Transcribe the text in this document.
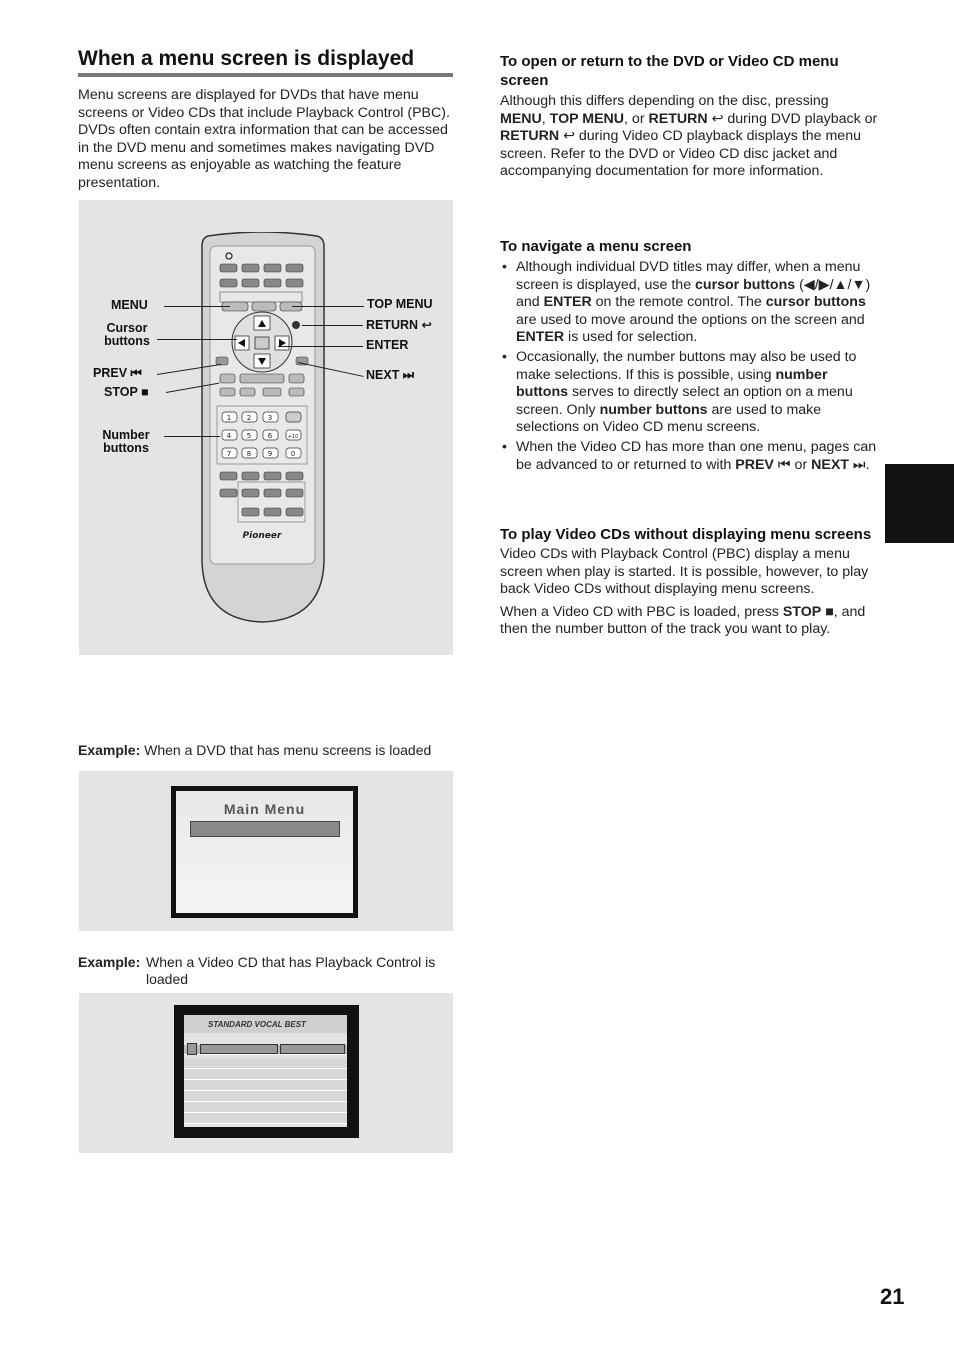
When a menu screen is displayed

Menu screens are displayed for DVDs that have menu screens or Video CDs that include Playback Control (PBC). DVDs often contain extra information that can be accessed in the DVD menu and sometimes makes navigating DVD menu screens as enjoyable as watching the feature presentation.

1 2 3
4 5 6	+10
7 8 9	0
Pioneer
MENU
Cursor buttons
PREV ⏮
STOP ■
Number buttons
TOP MENU
RETURN ↩
ENTER
NEXT ⏭
Example: When a DVD that has menu screens is loaded
Main Menu
Example: When a Video CD that has Playback Control is loaded
STANDARD VOCAL BEST
To open or return to the DVD or Video CD menu screen

Although this differs depending on the disc, pressing MENU, TOP MENU, or RETURN ↩ during DVD playback or RETURN ↩ during Video CD playback displays the menu screen. Refer to the DVD or Video CD disc jacket and accompanying documentation for more information.

To navigate a menu screen
• Although individual DVD titles may differ, when a menu screen is displayed, use the cursor buttons (◀/▶/▲/▼) and ENTER on the remote control. The cursor buttons are used to move around the options on the screen and ENTER is used for selection.
• Occasionally, the number buttons may also be used to make selections. If this is possible, using number buttons serves to directly select an option on a menu screen. Only number buttons are used to make selections on Video CD menu screens.
• When the Video CD has more than one menu, pages can be advanced to or returned to with PREV ⏮ or NEXT ⏭.
To play Video CDs without displaying menu screens

Video CDs with Playback Control (PBC) display a menu screen when play is started. It is possible, however, to play back Video CDs without displaying menu screens.

When a Video CD with PBC is loaded, press STOP ■, and then the number button of the track you want to play.

21
